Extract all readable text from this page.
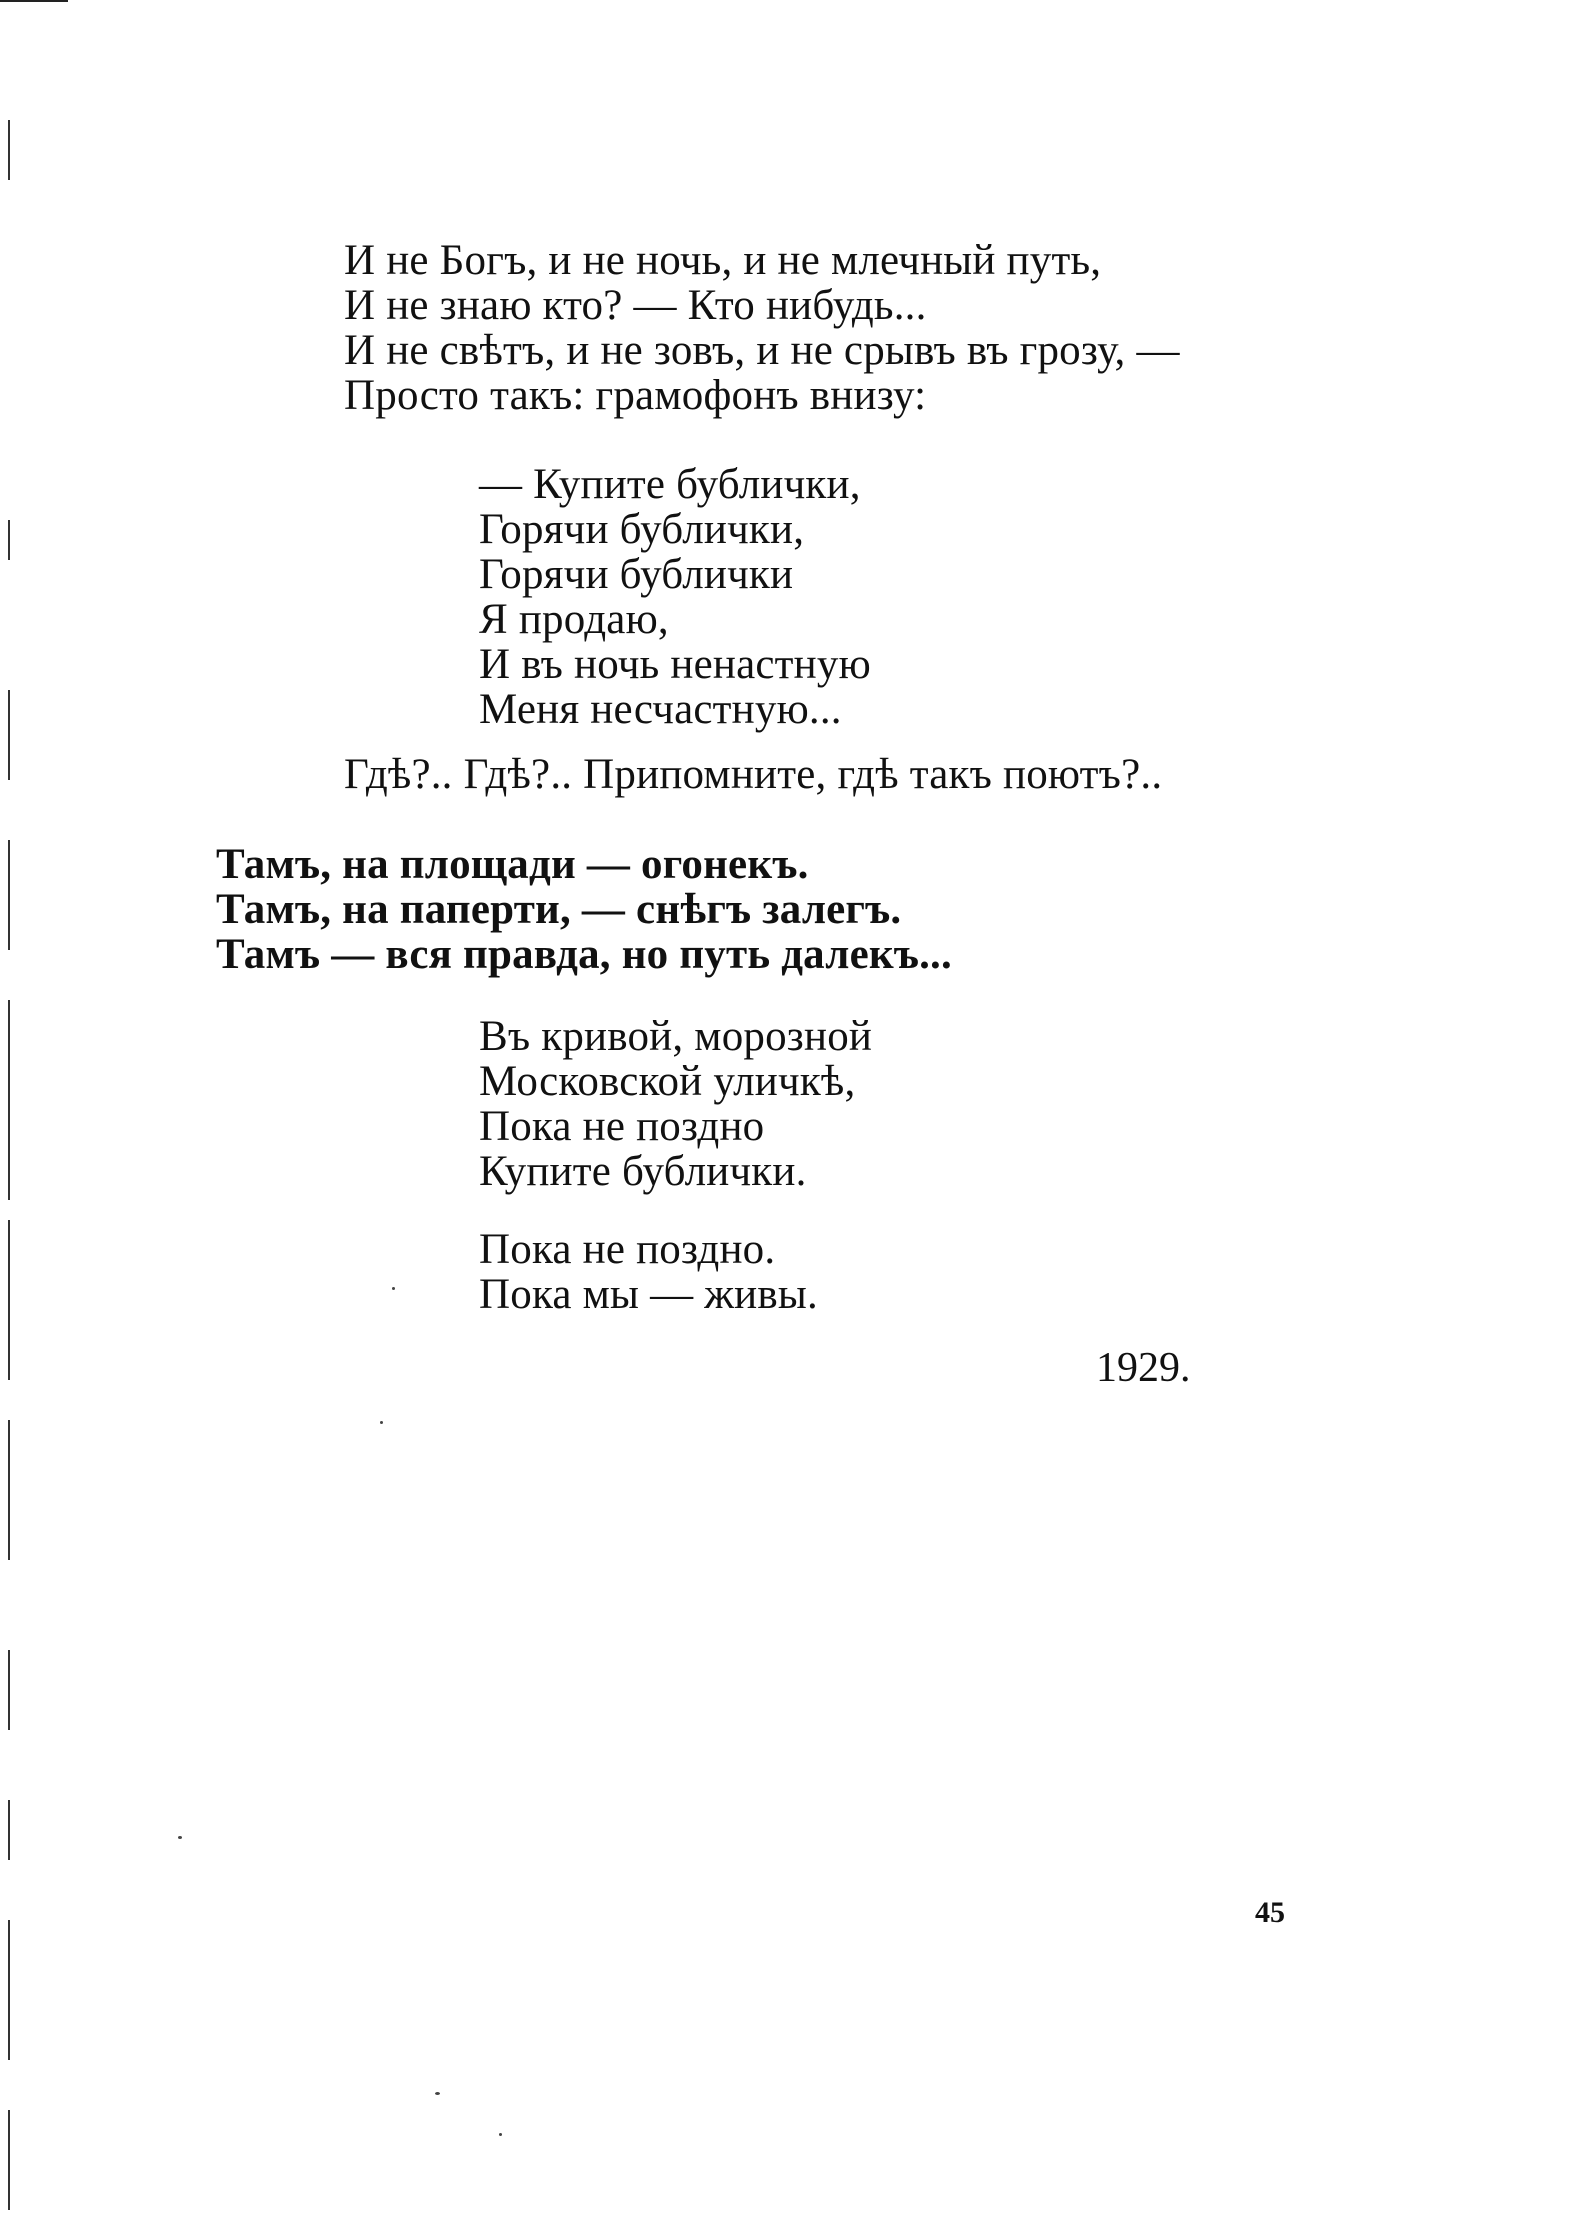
И не Богъ, и не ночь, и не млечный путь,
И не знаю кто? — Кто нибудь...
И не свѣтъ, и не зовъ, и не срывъ въ грозу, —
Просто такъ: грамофонъ внизу:
— Купите бублички,
Горячи бублички,
Горячи бублички
Я продаю,
И въ ночь ненастную
Меня несчастную...
Гдѣ?.. Гдѣ?.. Припомните, гдѣ такъ поютъ?..
Тамъ, на площади — огонекъ.
Тамъ, на паперти, — снѣгъ залегъ.
Тамъ — вся правда, но путь далекъ...
Въ кривой, морозной
Московской уличкѣ,
Пока не поздно
Купите бублички.
Пока не поздно.
Пока мы — живы.
1929.
45
